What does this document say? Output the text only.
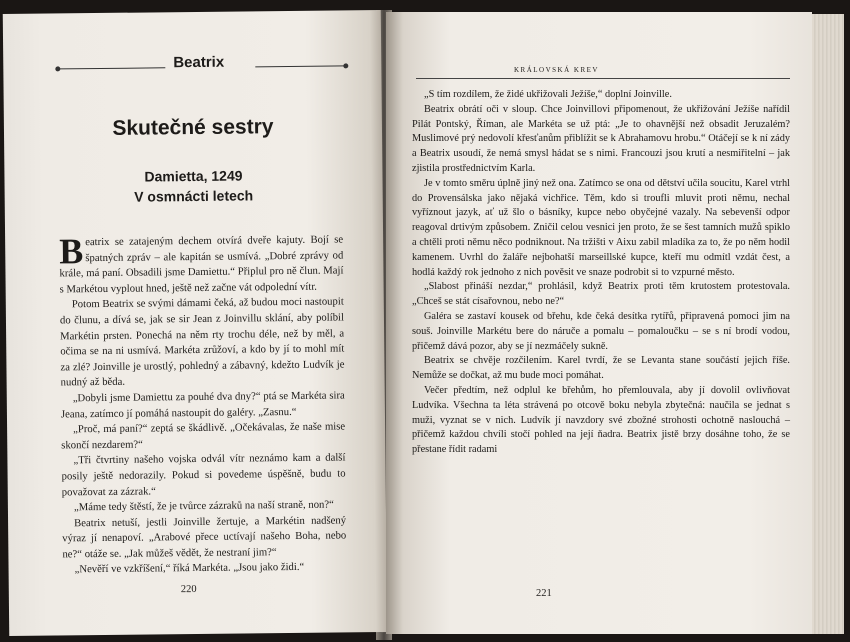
Beatrix
Skutečné sestry
Damietta, 1249
V osmnácti letech

Beatrix se zatajeným dechem otvírá dveře kajuty. Bojí se špatných zpráv – ale kapitán se usmívá. „Dobré zprávy od krále, má paní. Obsadili jsme Damiettu.“ Připlul pro ně člun. Mají s Markétou vyplout hned, ještě než začne vát odpolední vítr.

Potom Beatrix se svými dámami čeká, až budou moci nastoupit do člunu, a dívá se, jak se sir Jean z Joinvillu sklání, aby políbil Markétin prsten. Ponechá na něm rty trochu déle, než by měl, a očima se na ni usmívá. Markéta zrůžoví, a kdo by jí to mohl mít za zlé? Joinville je urostlý, pohledný a zábavný, kdežto Ludvík je nudný až běda.

„Dobyli jsme Damiettu za pouhé dva dny?“ ptá se Markéta sira Jeana, zatímco jí pomáhá nastoupit do galéry. „Zasnu.“

„Proč, má paní?“ zeptá se škádlivě. „Očekávalas, že naše mise skončí nezdarem?“

„Tři čtvrtiny našeho vojska odvál vítr neznámo kam a další posily ještě nedorazily. Pokud si povedeme úspěšně, budu to považovat za zázrak.“

„Máme tedy štěstí, že je tvůrce zázraků na naší straně, non?“

Beatrix netuší, jestli Joinville žertuje, a Markétin nadšený výraz jí nenapoví. „Arabové přece uctívají našeho Boha, nebo ne?“ otáže se. „Jak můžeš vědět, že nestraní jim?“

„Nevěří ve vzkříšení,“ říká Markéta. „Jsou jako židi.“

220
KRÁLOVSKÁ KREV

„S tím rozdílem, že židé ukřižovali Ježíše,“ doplní Joinville.

Beatrix obrátí oči v sloup. Chce Joinvillovi připomenout, že ukřižování Ježíše nařídil Pilát Pontský, Říman, ale Markéta se už ptá: „Je to ohavnější než obsadit Jeruzalém? Muslimové prý nedovolí křesťanům přiblížit se k Abrahamovu hrobu.“ Otáčejí se k ní zády a Beatrix usoudí, že nemá smysl hádat se s nimi. Francouzi jsou krutí a nesmiřitelní – jak zjistila prostřednictvím Karla.

Je v tomto směru úplně jiný než ona. Zatímco se ona od dětství učila soucitu, Karel vtrhl do Provensálska jako nějaká vichřice. Těm, kdo si troufli mluvit proti němu, nechal vyříznout jazyk, ať už šlo o básníky, kupce nebo obyčejné vazaly. Na sebevenší odpor reagoval drtivým způsobem. Zničil celou vesnici jen proto, že se šest tamních mužů spiklo a chtěli proti němu něco podniknout. Na tržišti v Aixu zabil mladíka za to, že po něm hodil kamenem. Uvrhl do žaláře nejbohatší marseillské kupce, kteří mu odmítl vzdát čest, a hodlá každý rok jednoho z nich pověsit ve snaze podrobit si to vzpurné město.

„Slabost přináší nezdar,“ prohlásil, když Beatrix proti těm krutostem protestovala. „Chceš se stát císařovnou, nebo ne?“

Galéra se zastaví kousek od břehu, kde čeká desítka rytířů, připravená pomoci jim na souš. Joinville Markétu bere do náruče a pomalu – pomaloučku – se s ní brodí vodou, přičemž dává pozor, aby se jí nezmáčely sukně.

Beatrix se chvěje rozčilením. Karel tvrdí, že se Levanta stane součástí jejich říše. Nemůže se dočkat, až mu bude moci pomáhat.

Večer předtím, než odplul ke břehům, ho přemlouvala, aby jí dovolil ovlivňovat Ludvíka. Všechna ta léta strávená po otcově boku nebyla zbytečná: naučila se jednat s muži, vyznat se v nich. Ludvík jí navzdory své zbožné strohosti ochotně naslouchá – přičemž každou chvíli stočí pohled na její ňadra. Beatrix jistě brzy dosáhne toho, že se přestane řídit radami

221
